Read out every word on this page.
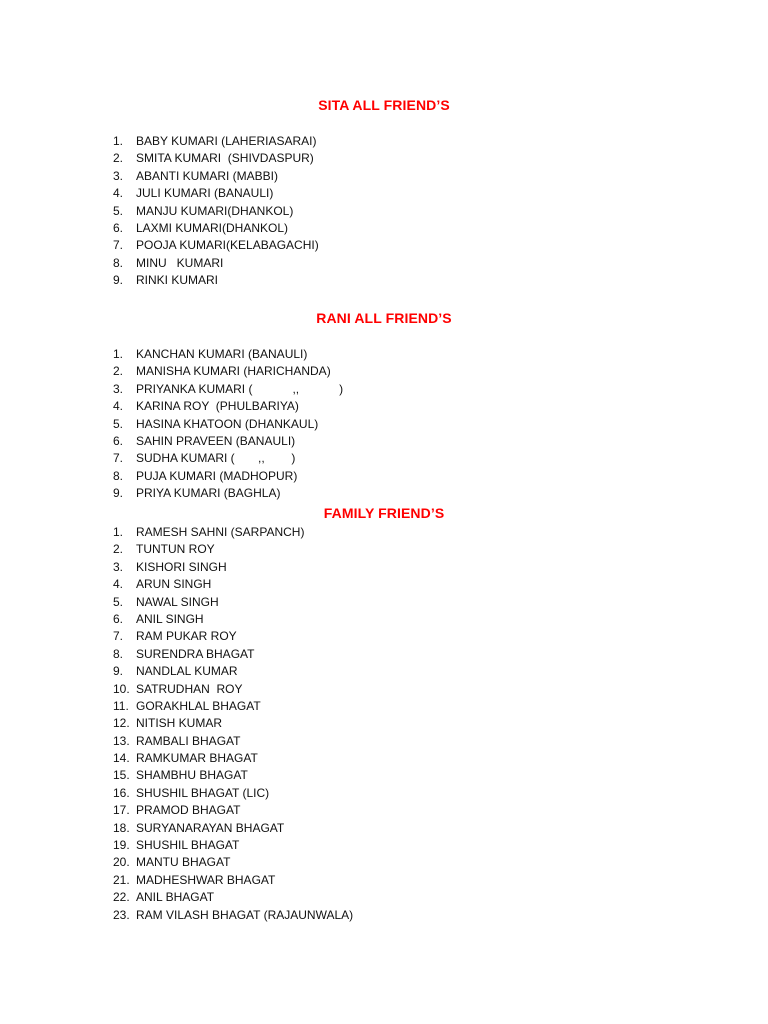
SITA ALL FRIEND’S
1.	BABY KUMARI (LAHERIASARAI)
2.	SMITA KUMARI  (SHIVDASPUR)
3.	ABANTI KUMARI (MABBI)
4.	JULI KUMARI (BANAULI)
5.	MANJU KUMARI(DHANKOL)
6.	LAXMI KUMARI(DHANKOL)
7.	POOJA KUMARI(KELABAGACHI)
8.	MINU   KUMARI
9.	RINKI KUMARI
RANI ALL FRIEND’S
1.	KANCHAN KUMARI (BANAULI)
2.	MANISHA KUMARI (HARICHANDA)
3.	PRIYANKA KUMARI (            ,,            )
4.	KARINA ROY  (PHULBARIYA)
5.	HASINA KHATOON (DHANKAUL)
6.	SAHIN PRAVEEN (BANAULI)
7.	SUDHA KUMARI (       ,,        )
8.	PUJA KUMARI (MADHOPUR)
9.	PRIYA KUMARI (BAGHLA)
FAMILY FRIEND’S
1.	RAMESH SAHNI (SARPANCH)
2.	TUNTUN ROY
3.	KISHORI SINGH
4.	ARUN SINGH
5.	NAWAL SINGH
6.	ANIL SINGH
7.	RAM PUKAR ROY
8.	SURENDRA BHAGAT
9.	NANDLAL KUMAR
10. SATRUDHAN  ROY
11. GORAKHLAL BHAGAT
12. NITISH KUMAR
13. RAMBALI BHAGAT
14. RAMKUMAR BHAGAT
15. SHAMBHU BHAGAT
16. SHUSHIL BHAGAT (LIC)
17. PRAMOD BHAGAT
18. SURYANARAYAN BHAGAT
19. SHUSHIL BHAGAT
20. MANTU BHAGAT
21. MADHESHWAR BHAGAT
22. ANIL BHAGAT
23. RAM VILASH BHAGAT (RAJAUNWALA)
